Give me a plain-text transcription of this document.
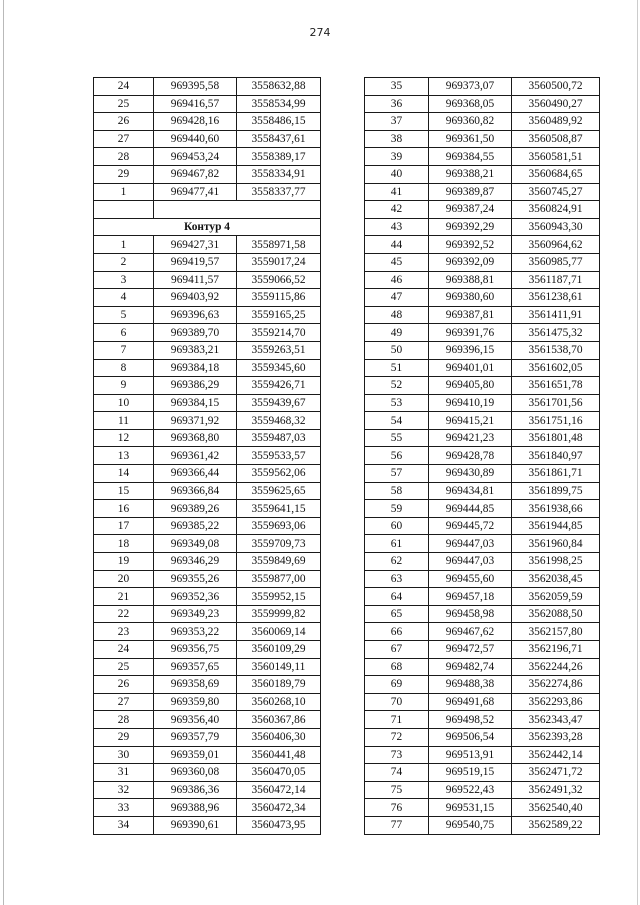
274
24	969395,58	3558632,88
25	969416,57	3558534,99
26	969428,16	3558486,15
27	969440,60	3558437,61
28	969453,24	3558389,17
29	969467,82	3558334,91
1	969477,41	3558337,77

Контур 4		
1	969427,31	3558971,58
2	969419,57	3559017,24
3	969411,57	3559066,52
4	969403,92	3559115,86
5	969396,63	3559165,25
6	969389,70	3559214,70
7	969383,21	3559263,51
8	969384,18	3559345,60
9	969386,29	3559426,71
10	969384,15	3559439,67
11	969371,92	3559468,32
12	969368,80	3559487,03
13	969361,42	3559533,57
14	969366,44	3559562,06
15	969366,84	3559625,65
16	969389,26	3559641,15
17	969385,22	3559693,06
18	969349,08	3559709,73
19	969346,29	3559849,69
20	969355,26	3559877,00
21	969352,36	3559952,15
22	969349,23	3559999,82
23	969353,22	3560069,14
24	969356,75	3560109,29
25	969357,65	3560149,11
26	969358,69	3560189,79
27	969359,80	3560268,10
28	969356,40	3560367,86
29	969357,79	3560406,30
30	969359,01	3560441,48
31	969360,08	3560470,05
32	969386,36	3560472,14
33	969388,96	3560472,34
34	969390,61	3560473,95
35	969373,07	3560500,72
36	969368,05	3560490,27
37	969360,82	3560489,92
38	969361,50	3560508,87
39	969384,55	3560581,51
40	969388,21	3560684,65
41	969389,87	3560745,27
42	969387,24	3560824,91
43	969392,29	3560943,30
44	969392,52	3560964,62
45	969392,09	3560985,77
46	969388,81	3561187,71
47	969380,60	3561238,61
48	969387,81	3561411,91
49	969391,76	3561475,32
50	969396,15	3561538,70
51	969401,01	3561602,05
52	969405,80	3561651,78
53	969410,19	3561701,56
54	969415,21	3561751,16
55	969421,23	3561801,48
56	969428,78	3561840,97
57	969430,89	3561861,71
58	969434,81	3561899,75
59	969444,85	3561938,66
60	969445,72	3561944,85
61	969447,03	3561960,84
62	969447,03	3561998,25
63	969455,60	3562038,45
64	969457,18	3562059,59
65	969458,98	3562088,50
66	969467,62	3562157,80
67	969472,57	3562196,71
68	969482,74	3562244,26
69	969488,38	3562274,86
70	969491,68	3562293,86
71	969498,52	3562343,47
72	969506,54	3562393,28
73	969513,91	3562442,14
74	969519,15	3562471,72
75	969522,43	3562491,32
76	969531,15	3562540,40
77	969540,75	3562589,22
